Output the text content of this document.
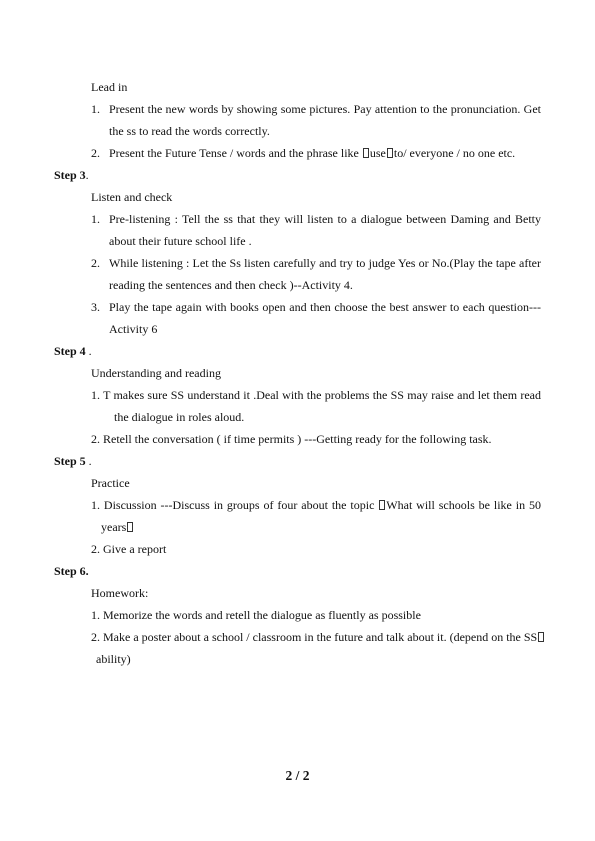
Lead in
1. Present the new words by showing some pictures. Pay attention to the pronunciation. Get
the ss to read the words correctly.
2. Present the Future Tense / words and the phrase like use to/ everyone / no one etc.
Step 3.
Listen and check
1. Pre-listening : Tell the ss that they will listen to a dialogue between Daming and Betty
about their future school life .
2. While listening : Let the Ss listen carefully and try to judge Yes or No.(Play the tape after
reading the sentences and then check )--Activity 4.
3. Play the tape again with books open and then choose the best answer to each question---
Activity 6
Step 4 .
Understanding and reading
1. T makes sure SS understand it .Deal with the problems the SS may raise and let them read
the dialogue in roles aloud.
2. Retell the conversation ( if time permits ) ---Getting ready for the following task.
Step 5 .
Practice
1. Discussion ---Discuss in groups of four about the topic What will schools be like in 50
years
2. Give a report
Step 6.
Homework:
1. Memorize the words and retell the dialogue as fluently as possible
2. Make a poster about a school / classroom in the future and talk about it. (depend on the SS
ability)
2 / 2
